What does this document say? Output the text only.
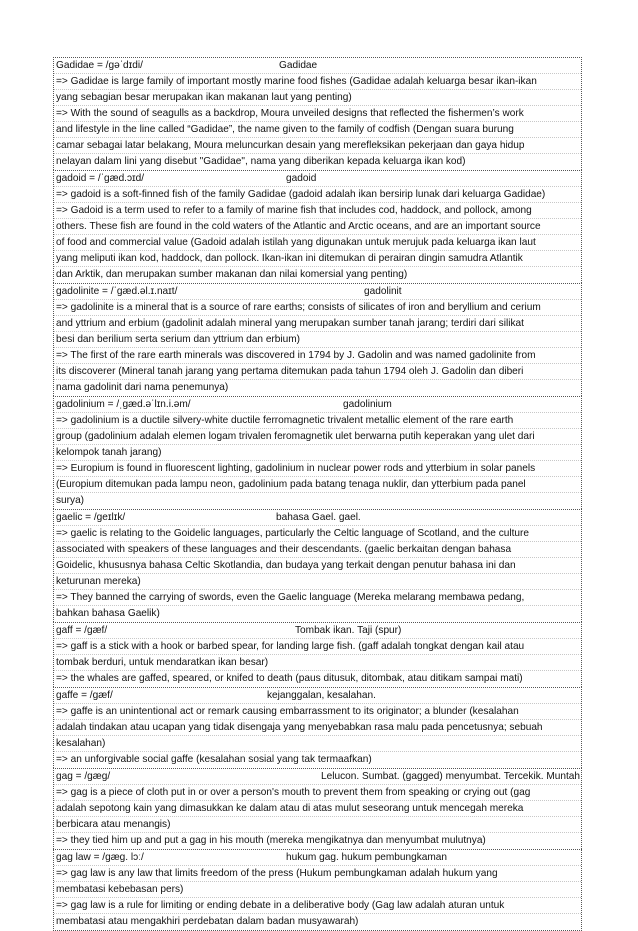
Gadidae = /gəˈdɪdi/	Gadidae
=> Gadidae is large family of important mostly marine food fishes (Gadidae adalah keluarga besar ikan-ikan
yang sebagian besar merupakan ikan makanan laut yang penting)
=> With the sound of seagulls as a backdrop, Moura unveiled designs that reflected the fishermen’s work
and lifestyle in the line called “Gadidae”, the name given to the family of codfish (Dengan suara burung
camar sebagai latar belakang, Moura meluncurkan desain yang merefleksikan pekerjaan dan gaya hidup
nelayan dalam lini yang disebut "Gadidae", nama yang diberikan kepada keluarga ikan kod)
gadoid = /ˈɡæd.ɔɪd/	gadoid
=> gadoid is a soft-finned fish of the family Gadidae (gadoid adalah ikan bersirip lunak dari keluarga Gadidae)
=> Gadoid is a term used to refer to a family of marine fish that includes cod, haddock, and pollock, among
others. These fish are found in the cold waters of the Atlantic and Arctic oceans, and are an important source
of food and commercial value (Gadoid adalah istilah yang digunakan untuk merujuk pada keluarga ikan laut
yang meliputi ikan kod, haddock, dan pollock. Ikan-ikan ini ditemukan di perairan dingin samudra Atlantik
dan Arktik, dan merupakan sumber makanan dan nilai komersial yang penting)
gadolinite = /ˈɡæd.əl.ɪ.naɪt/	gadolinit
=> gadolinite is a mineral that is a source of rare earths; consists of silicates of iron and beryllium and cerium
and yttrium and erbium (gadolinit adalah mineral yang merupakan sumber tanah jarang; terdiri dari silikat
besi dan berilium serta serium dan yttrium dan erbium)
=> The first of the rare earth minerals was discovered in 1794 by J. Gadolin and was named gadolinite from
its discoverer (Mineral tanah jarang yang pertama ditemukan pada tahun 1794 oleh J. Gadolin dan diberi
nama gadolinit dari nama penemunya)
gadolinium = /ˌɡæd.əˈlɪn.i.əm/	gadolinium
=> gadolinium is a ductile silvery-white ductile ferromagnetic trivalent metallic element of the rare earth
group (gadolinium adalah elemen logam trivalen feromagnetik ulet berwarna putih keperakan yang ulet dari
kelompok tanah jarang)
=> Europium is found in fluorescent lighting, gadolinium in nuclear power rods and ytterbium in solar panels
(Europium ditemukan pada lampu neon, gadolinium pada batang tenaga nuklir, dan ytterbium pada panel
surya)
gaelic = /ɡeɪlɪk/	bahasa Gael. gael.
=> gaelic is relating to the Goidelic languages, particularly the Celtic language of Scotland, and the culture
associated with speakers of these languages and their descendants. (gaelic berkaitan dengan bahasa
Goidelic, khususnya bahasa Celtic Skotlandia, dan budaya yang terkait dengan penutur bahasa ini dan
keturunan mereka)
=> They banned the carrying of swords, even the Gaelic language (Mereka melarang membawa pedang,
bahkan bahasa Gaelik)
gaff = /ɡæf/	Tombak ikan. Taji (spur)
=> gaff is a stick with a hook or barbed spear, for landing large fish. (gaff adalah tongkat dengan kail atau
tombak berduri, untuk mendaratkan ikan besar)
=> the whales are gaffed, speared, or knifed to death (paus ditusuk, ditombak, atau ditikam sampai mati)
gaffe = /ɡæf/	kejanggalan, kesalahan.
=> gaffe is an unintentional act or remark causing embarrassment to its originator; a blunder (kesalahan
adalah tindakan atau ucapan yang tidak disengaja yang menyebabkan rasa malu pada pencetusnya; sebuah
kesalahan)
=> an unforgivable social gaffe (kesalahan sosial yang tak termaafkan)
gag = /ɡæɡ/	Lelucon. Sumbat. (gagged) menyumbat. Tercekik. Muntah
=> gag is a piece of cloth put in or over a person's mouth to prevent them from speaking or crying out (gag
adalah sepotong kain yang dimasukkan ke dalam atau di atas mulut seseorang untuk mencegah mereka
berbicara atau menangis)
=> they tied him up and put a gag in his mouth (mereka mengikatnya dan menyumbat mulutnya)
gag law = /ɡæɡ. lɔː/	hukum gag. hukum pembungkaman
=> gag law is any law that limits freedom of the press (Hukum pembungkaman adalah hukum yang
membatasi kebebasan pers)
=> gag law is a rule for limiting or ending debate in a deliberative body (Gag law adalah aturan untuk
membatasi atau mengakhiri perdebatan dalam badan musyawarah)
